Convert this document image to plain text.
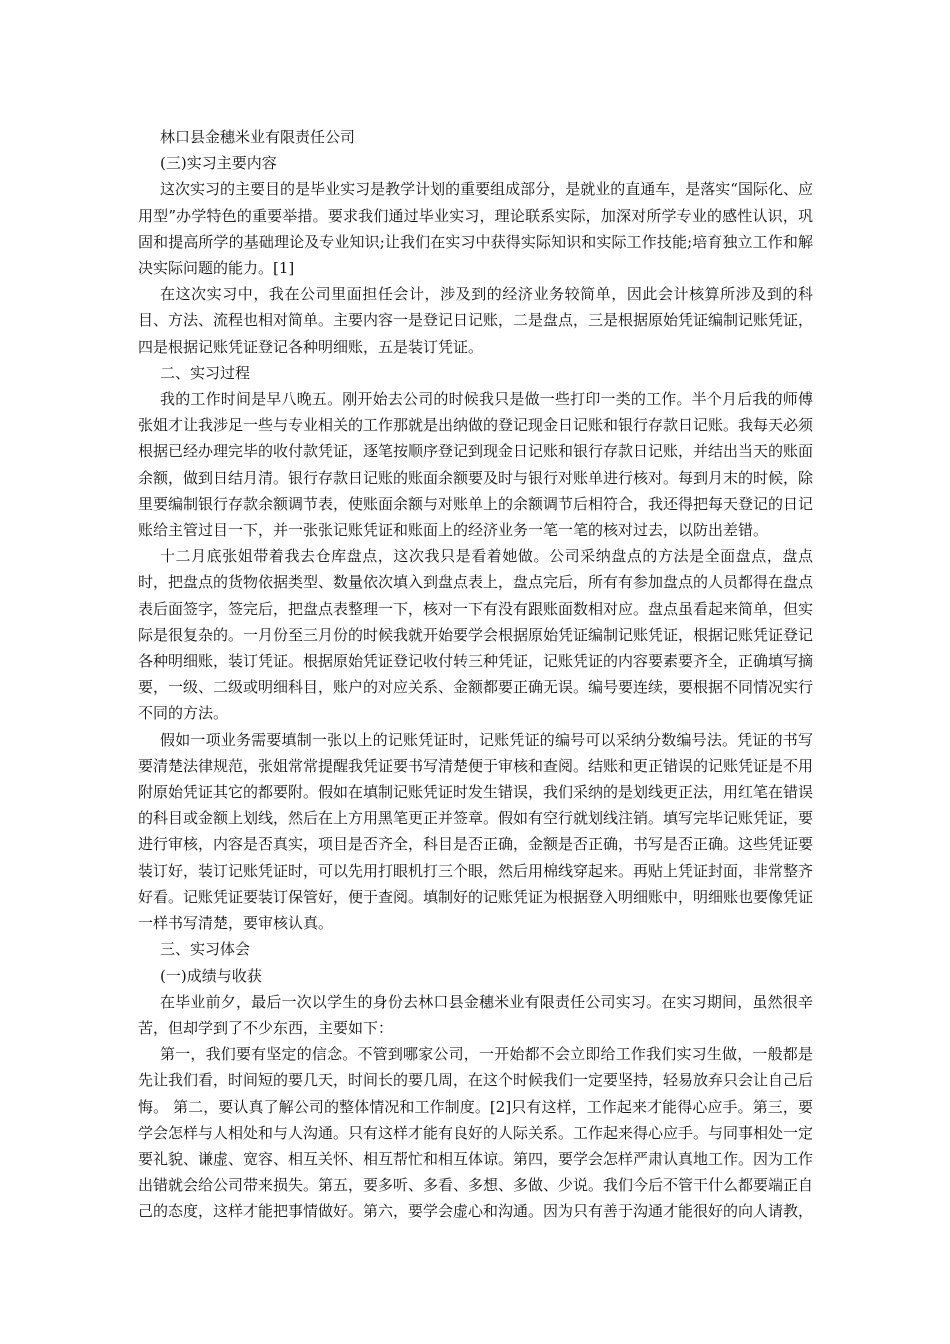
林口县金穗米业有限责任公司

(三)实习主要内容

这次实习的主要目的是毕业实习是教学计划的重要组成部分，是就业的直通车，是落实“国际化、应用型”办学特色的重要举措。要求我们通过毕业实习，理论联系实际，加深对所学专业的感性认识，巩固和提高所学的基础理论及专业知识;让我们在实习中获得实际知识和实际工作技能;培育独立工作和解决实际问题的能力。[1]

在这次实习中，我在公司里面担任会计，涉及到的经济业务较简单，因此会计核算所涉及到的科目、方法、流程也相对简单。主要内容一是登记日记账，二是盘点，三是根据原始凭证编制记账凭证，四是根据记账凭证登记各种明细账，五是装订凭证。

二、实习过程

我的工作时间是早八晚五。刚开始去公司的时候我只是做一些打印一类的工作。半个月后我的师傅张姐才让我涉足一些与专业相关的工作那就是出纳做的登记现金日记账和银行存款日记账。我每天必须根据已经办理完毕的收付款凭证，逐笔按顺序登记到现金日记账和银行存款日记账，并结出当天的账面余额，做到日结月清。银行存款日记账的账面余额要及时与银行对账单进行核对。每到月末的时候，除里要编制银行存款余额调节表，使账面余额与对账单上的余额调节后相符合，我还得把每天登记的日记账给主管过目一下，并一张张记账凭证和账面上的经济业务一笔一笔的核对过去，以防出差错。

十二月底张姐带着我去仓库盘点，这次我只是看着她做。公司采纳盘点的方法是全面盘点，盘点时，把盘点的货物依据类型、数量依次填入到盘点表上，盘点完后，所有有参加盘点的人员都得在盘点表后面签字，签完后，把盘点表整理一下，核对一下有没有跟账面数相对应。盘点虽看起来简单，但实际是很复杂的。一月份至三月份的时候我就开始要学会根据原始凭证编制记账凭证，根据记账凭证登记各种明细账，装订凭证。根据原始凭证登记收付转三种凭证，记账凭证的内容要素要齐全，正确填写摘要，一级、二级或明细科目，账户的对应关系、金额都要正确无误。编号要连续，要根据不同情况实行不同的方法。

假如一项业务需要填制一张以上的记账凭证时，记账凭证的编号可以采纳分数编号法。凭证的书写要清楚法律规范，张姐常常提醒我凭证要书写清楚便于审核和查阅。结账和更正错误的记账凭证是不用附原始凭证其它的都要附。假如在填制记账凭证时发生错误，我们采纳的是划线更正法，用红笔在错误的科目或金额上划线，然后在上方用黑笔更正并签章。假如有空行就划线注销。填写完毕记账凭证，要进行审核，内容是否真实，项目是否齐全，科目是否正确，金额是否正确，书写是否正确。这些凭证要装订好，装订记账凭证时，可以先用打眼机打三个眼，然后用棉线穿起来。再贴上凭证封面，非常整齐好看。记账凭证要装订保管好，便于查阅。填制好的记账凭证为根据登入明细账中，明细账也要像凭证一样书写清楚，要审核认真。

三、实习体会

(一)成绩与收获

在毕业前夕，最后一次以学生的身份去林口县金穗米业有限责任公司实习。在实习期间，虽然很辛苦，但却学到了不少东西，主要如下：

第一，我们要有坚定的信念。不管到哪家公司，一开始都不会立即给工作我们实习生做，一般都是先让我们看，时间短的要几天，时间长的要几周，在这个时候我们一定要坚持，轻易放弃只会让自己后悔。 第二，要认真了解公司的整体情况和工作制度。[2]只有这样，工作起来才能得心应手。第三，要学会怎样与人相处和与人沟通。只有这样才能有良好的人际关系。工作起来得心应手。与同事相处一定要礼貌、谦虚、宽容、相互关怀、相互帮忙和相互体谅。第四，要学会怎样严肃认真地工作。因为工作出错就会给公司带来损失。第五，要多听、多看、多想、多做、少说。我们今后不管干什么都要端正自己的态度，这样才能把事情做好。第六，要学会虚心和沟通。因为只有善于沟通才能很好的向人请教，
